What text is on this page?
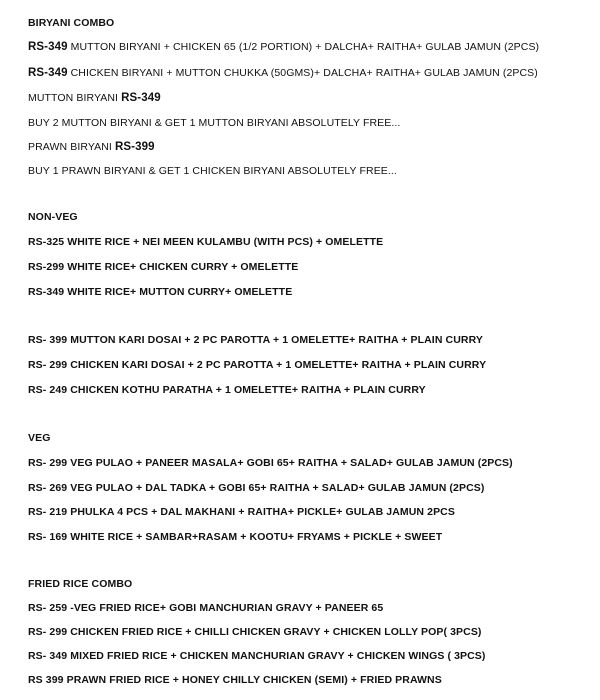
BIRYANI COMBO
RS-349 MUTTON BIRYANI + CHICKEN 65 (1/2 PORTION) + DALCHA+ RAITHA+ GULAB JAMUN (2PCS)
RS-349 CHICKEN BIRYANI + MUTTON CHUKKA (50GMS)+ DALCHA+ RAITHA+ GULAB JAMUN (2PCS)
MUTTON BIRYANI RS-349
BUY 2 MUTTON BIRYANI & GET 1 MUTTON BIRYANI ABSOLUTELY FREE...
PRAWN BIRYANI RS-399
BUY 1 PRAWN BIRYANI & GET 1 CHICKEN BIRYANI ABSOLUTELY FREE...
NON-VEG
RS-325 WHITE RICE + NEI MEEN KULAMBU (WITH PCS) + OMELETTE
RS-299 WHITE RICE+ CHICKEN CURRY + OMELETTE
RS-349 WHITE RICE+ MUTTON CURRY+ OMELETTE
RS- 399 MUTTON KARI DOSAI + 2 PC PAROTTA + 1 OMELETTE+ RAITHA + PLAIN CURRY
RS- 299 CHICKEN KARI DOSAI + 2 PC PAROTTA + 1 OMELETTE+ RAITHA + PLAIN CURRY
RS- 249 CHICKEN KOTHU PARATHA + 1 OMELETTE+ RAITHA + PLAIN CURRY
VEG
RS- 299 VEG PULAO + PANEER MASALA+ GOBI 65+ RAITHA + SALAD+ GULAB JAMUN (2PCS)
RS- 269 VEG PULAO + DAL TADKA + GOBI 65+ RAITHA + SALAD+ GULAB JAMUN (2PCS)
RS- 219 PHULKA 4 PCS + DAL MAKHANI + RAITHA+ PICKLE+ GULAB JAMUN 2PCS
RS- 169 WHITE RICE + SAMBAR+RASAM + KOOTU+ FRYAMS + PICKLE + SWEET
FRIED RICE COMBO
RS- 259 -VEG FRIED RICE+ GOBI MANCHURIAN GRAVY + PANEER 65
RS- 299 CHICKEN FRIED RICE + CHILLI CHICKEN GRAVY + CHICKEN LOLLY POP( 3PCS)
RS- 349 MIXED FRIED RICE + CHICKEN MANCHURIAN GRAVY + CHICKEN WINGS ( 3PCS)
RS 399 PRAWN FRIED RICE + HONEY CHILLY CHICKEN (SEMI) + FRIED PRAWNS
